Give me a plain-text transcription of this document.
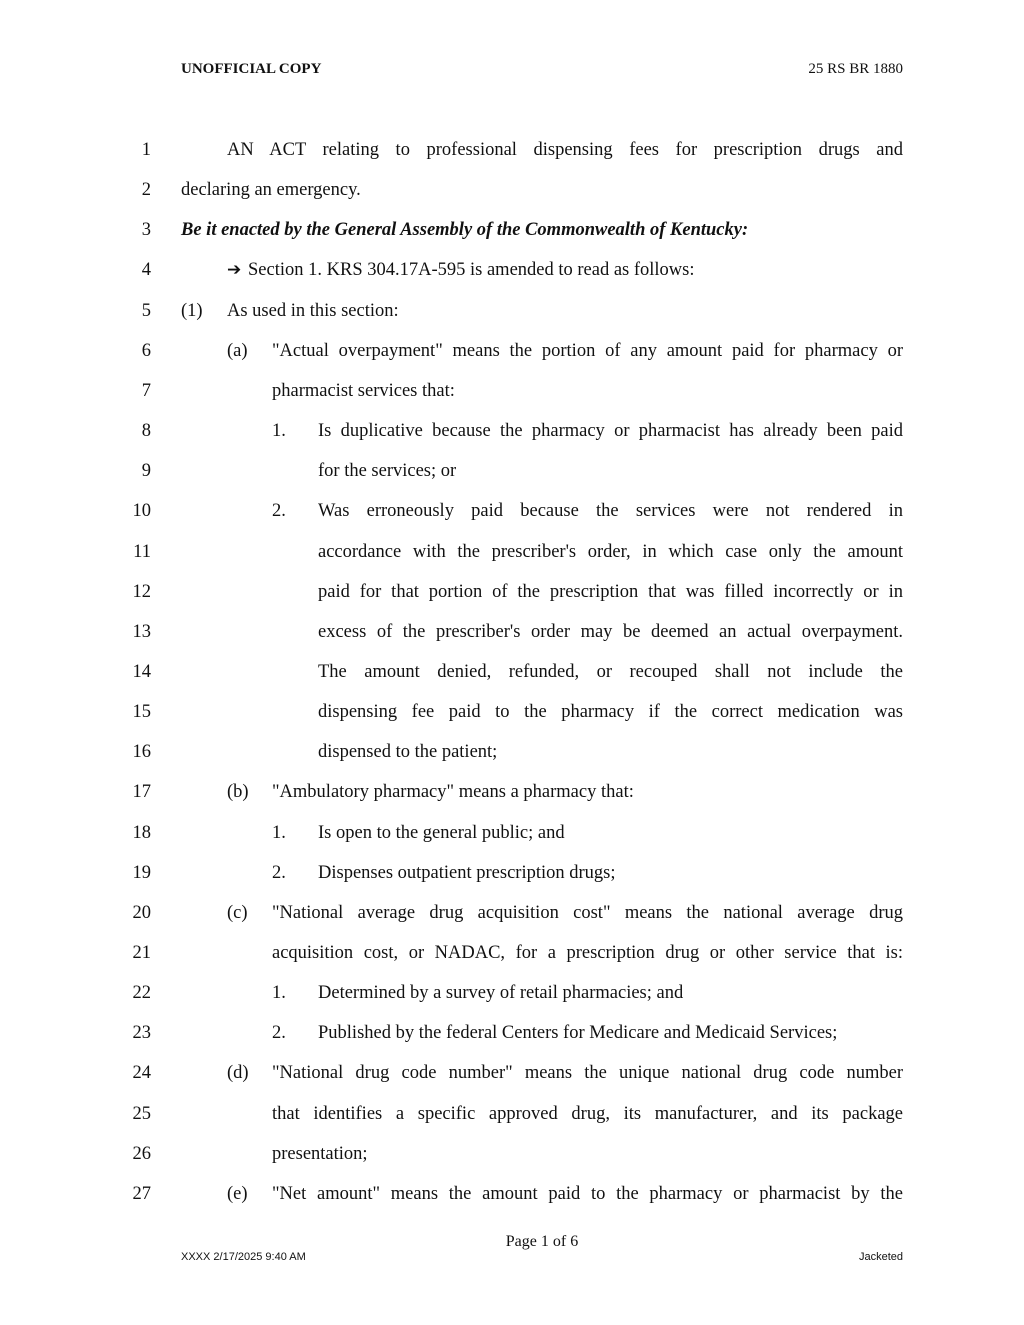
UNOFFICIAL COPY	25 RS BR 1880
1	AN ACT relating to professional dispensing fees for prescription drugs and
2 declaring an emergency.
3 Be it enacted by the General Assembly of the Commonwealth of Kentucky:
4	➔ Section 1. KRS 304.17A-595 is amended to read as follows:
5 (1) As used in this section:
6	(a) "Actual overpayment" means the portion of any amount paid for pharmacy or
7	pharmacist services that:
8	1. Is duplicative because the pharmacy or pharmacist has already been paid
9	for the services; or
10	2. Was erroneously paid because the services were not rendered in
11	accordance with the prescriber's order, in which case only the amount
12	paid for that portion of the prescription that was filled incorrectly or in
13	excess of the prescriber's order may be deemed an actual overpayment.
14	The amount denied, refunded, or recouped shall not include the
15	dispensing fee paid to the pharmacy if the correct medication was
16	dispensed to the patient;
17	(b) "Ambulatory pharmacy" means a pharmacy that:
18	1. Is open to the general public; and
19	2. Dispenses outpatient prescription drugs;
20	(c) "National average drug acquisition cost" means the national average drug
21	acquisition cost, or NADAC, for a prescription drug or other service that is:
22	1. Determined by a survey of retail pharmacies; and
23	2. Published by the federal Centers for Medicare and Medicaid Services;
24	(d) "National drug code number" means the unique national drug code number
25	that identifies a specific approved drug, its manufacturer, and its package
26	presentation;
27	(e) "Net amount" means the amount paid to the pharmacy or pharmacist by the
Page 1 of 6
XXXX 2/17/2025 9:40 AM	Jacketed
